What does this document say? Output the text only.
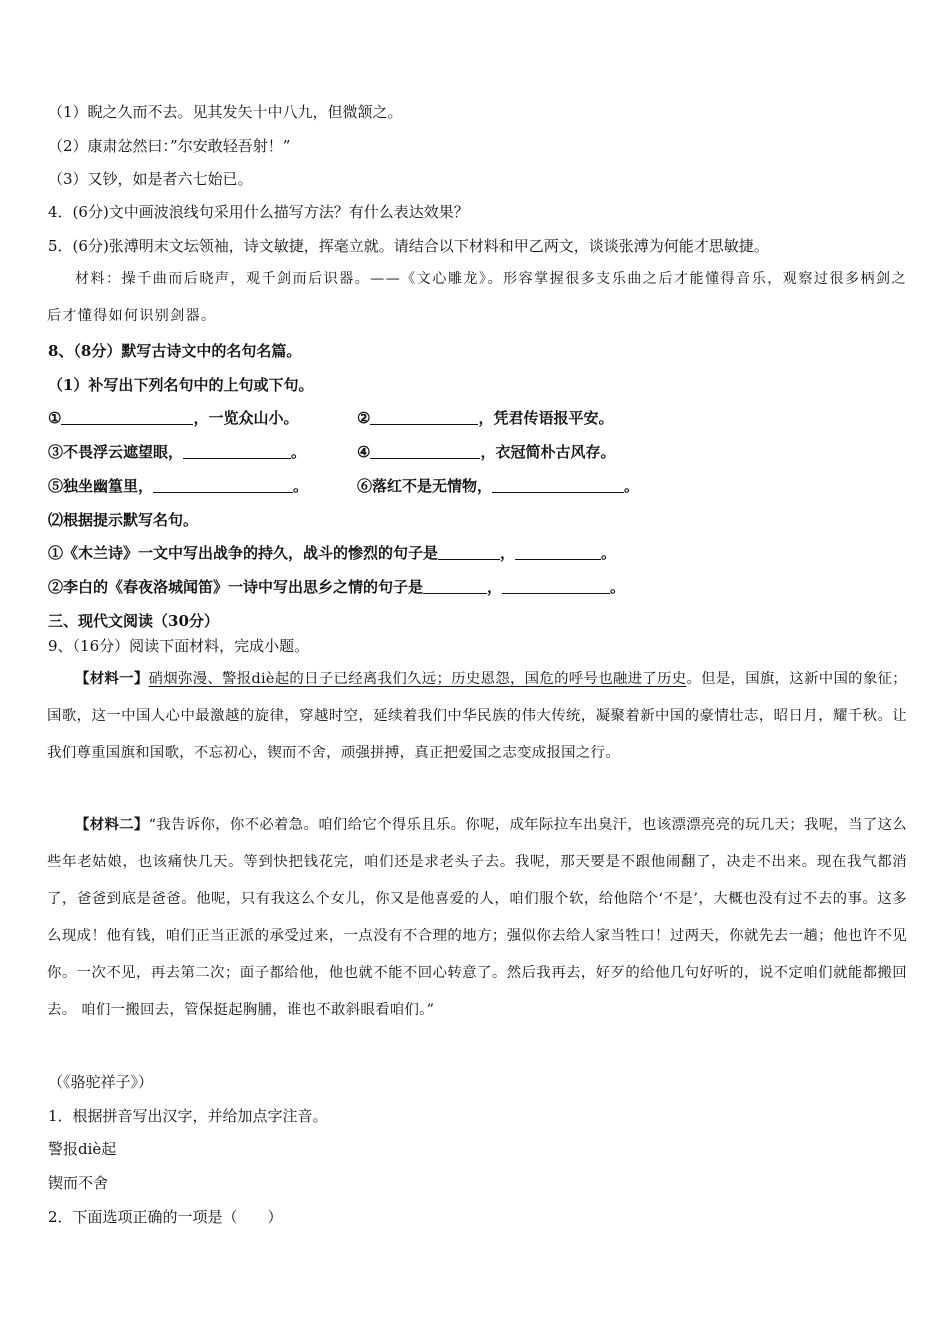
（1）睨之久而不去。见其发矢十中八九，但微颔之。
（2）康肃忿然曰：”尔安敢轻吾射！”
（3）又钞，如是者六七始已。
4．(6分)文中画波浪线句采用什么描写方法？有什么表达效果？
5．(6分)张溥明末文坛领袖，诗文敏捷，挥毫立就。请结合以下材料和甲乙两文，谈谈张溥为何能才思敏捷。
材料：操千曲而后晓声，观千剑而后识器。——《文心雕龙》。形容掌握很多支乐曲之后才能懂得音乐，观察过很多柄剑之后才懂得如何识别剑器。
8、（8分）默写古诗文中的名句名篇。
（1）补写出下列名句中的上句或下句。
①	，一览众山小。	②	，凭君传语报平安。
③不畏浮云遮望眼，	。	④	，衣冠简朴古风存。
⑤独坐幽篁里，	。	⑥落红不是无情物，	。
⑵根据提示默写名句。
①《木兰诗》一文中写出战争的持久，战斗的惨烈的句子是	，	。
②李白的《春夜洛城闻笛》一诗中写出思乡之情的句子是	，	。
三、现代文阅读（30分）
9、（16分）阅读下面材料，完成小题。
【材料一】硝烟弥漫、警报diè起的日子已经离我们久远；历史恩怨，国危的呼号也融进了历史。但是，国旗，这新中国的象征；国歌，这一中国人心中最激越的旋律，穿越时空，延续着我们中华民族的伟大传统，凝聚着新中国的豪情壮志，昭日月，耀千秋。让我们尊重国旗和国歌，不忘初心，锲而不舍，顽强拼搏，真正把爱国之志变成报国之行。
【材料二】“我告诉你，你不必着急。咱们给它个得乐且乐。你呢，成年际拉车出臭汗，也该漂漂亮亮的玩几天；我呢，当了这么些年老姑娘，也该痛快几天。等到快把钱花完，咱们还是求老头子去。我呢，那天要是不跟他闹翻了，决走不出来。现在我气都消了，爸爸到底是爸爸。他呢，只有我这么个女儿，你又是他喜爱的人，咱们服个软，给他陪个‘不是’，大概也没有过不去的事。这多么现成！他有钱，咱们正当正派的承受过来，一点没有不合理的地方；强似你去给人家当牲口！过两天，你就先去一趟；他也许不见你。一次不见，再去第二次；面子都给他，他也就不能不回心转意了。然后我再去，好歹的给他几句好听的，说不定咱们就能都搬回去。 咱们一搬回去，管保挺起胸脯，谁也不敢斜眼看咱们。”
（《骆驼祥子》）
1．根据拼音写出汉字，并给加点字注音。
警报diè起
锲而不舍
2．下面选项正确的一项是（　　）
